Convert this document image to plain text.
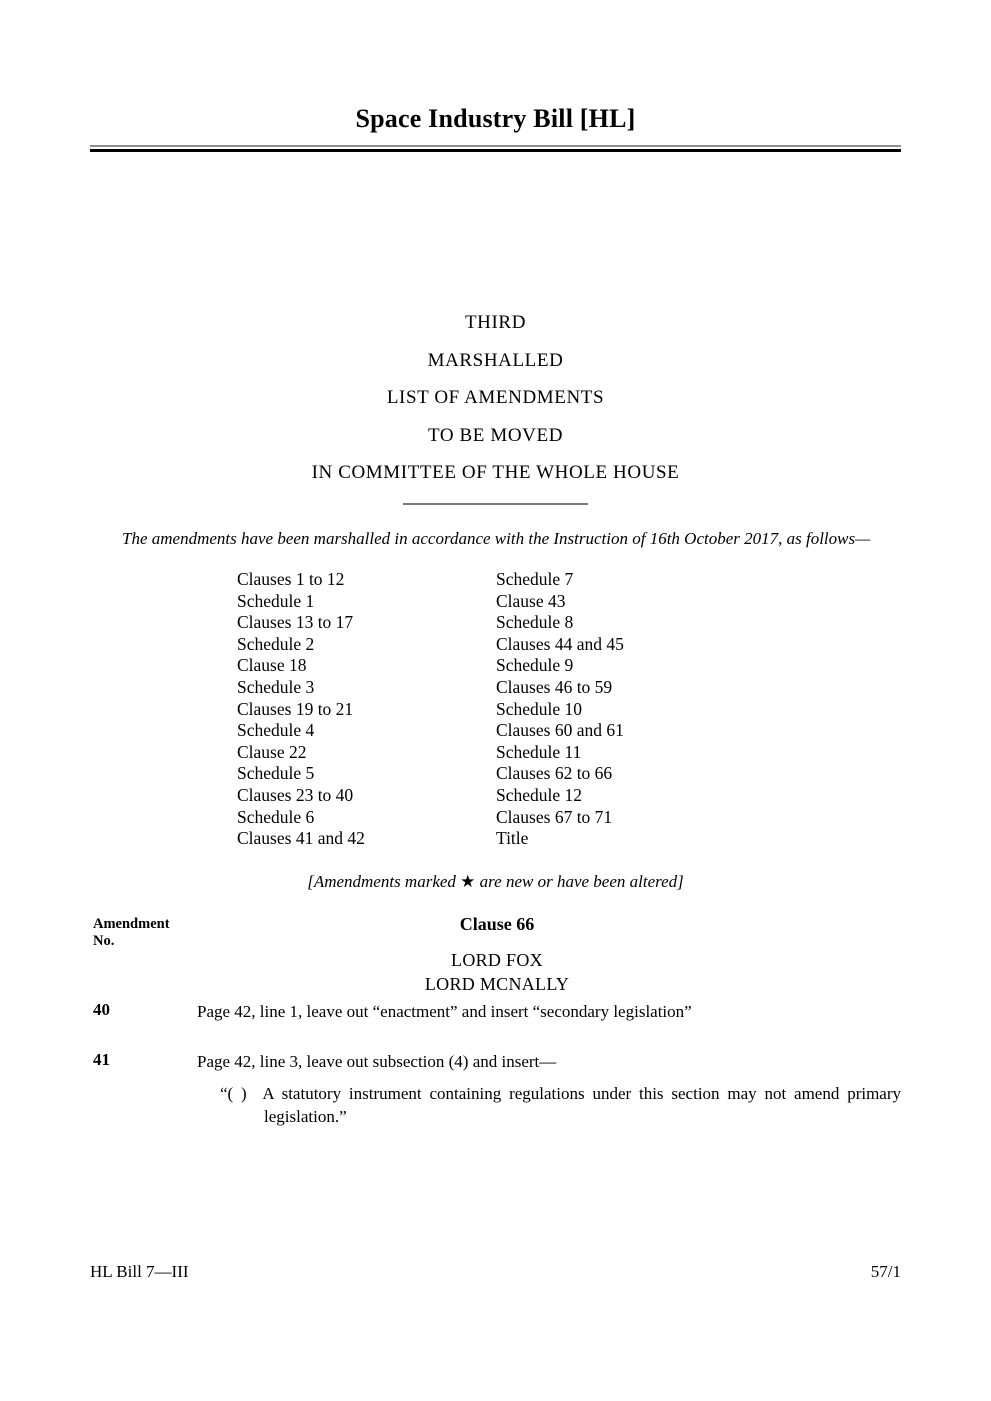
Space Industry Bill [HL]
THIRD
MARSHALLED
LIST OF AMENDMENTS
TO BE MOVED
IN COMMITTEE OF THE WHOLE HOUSE
The amendments have been marshalled in accordance with the Instruction of 16th October 2017, as follows—
Clauses 1 to 12
Schedule 1
Clauses 13 to 17
Schedule 2
Clause 18
Schedule 3
Clauses 19 to 21
Schedule 4
Clause 22
Schedule 5
Clauses 23 to 40
Schedule 6
Clauses 41 and 42
Schedule 7
Clause 43
Schedule 8
Clauses 44 and 45
Schedule 9
Clauses 46 to 59
Schedule 10
Clauses 60 and 61
Schedule 11
Clauses 62 to 66
Schedule 12
Clauses 67 to 71
Title
[Amendments marked ★ are new or have been altered]
Amendment
No.
Clause 66
LORD FOX
LORD MCNALLY
40	Page 42, line 1, leave out “enactment” and insert “secondary legislation”
41	Page 42, line 3, leave out subsection (4) and insert—
“( ) A statutory instrument containing regulations under this section may not amend primary legislation.”
HL Bill 7—III	57/1
